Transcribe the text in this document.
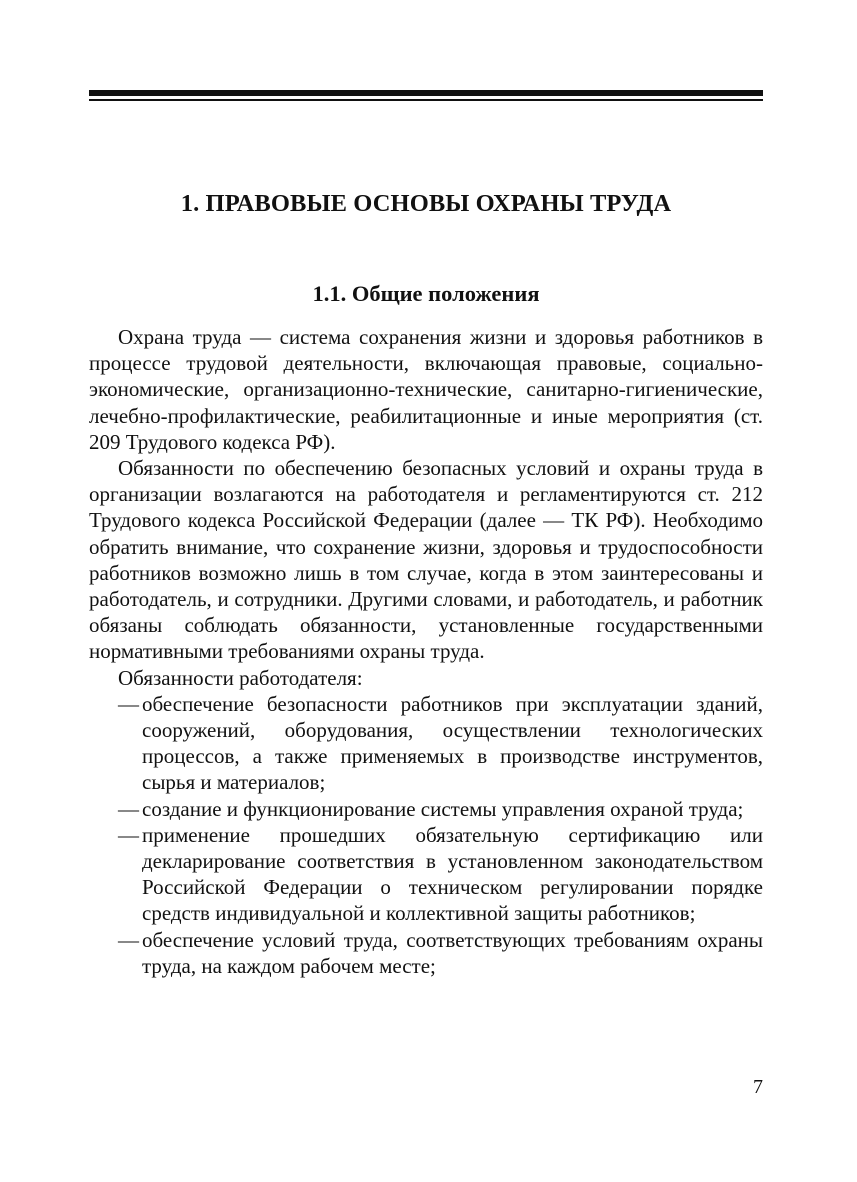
1. ПРАВОВЫЕ ОСНОВЫ ОХРАНЫ ТРУДА
1.1. Общие положения

Охрана труда — система сохранения жизни и здоровья работников в процессе трудовой деятельности, включающая правовые, социально-экономические, организационно-технические, санитарно-гигиенические, лечебно-профилактические, реабилитационные и иные мероприятия (ст. 209 Трудового кодекса РФ).

Обязанности по обеспечению безопасных условий и охраны труда в организации возлагаются на работодателя и регламентируются ст. 212 Трудового кодекса Российской Федерации (далее — ТК РФ). Необходимо обратить внимание, что сохранение жизни, здоровья и трудоспособности работников возможно лишь в том случае, когда в этом заинтересованы и работодатель, и сотрудники. Другими словами, и работодатель, и работник обязаны соблюдать обязанности, установленные государственными нормативными требованиями охраны труда.

Обязанности работодателя:

— обеспечение безопасности работников при эксплуатации зданий, сооружений, оборудования, осуществлении технологических процессов, а также применяемых в производстве инструментов, сырья и материалов;
— создание и функционирование системы управления охраной труда;
— применение прошедших обязательную сертификацию или декларирование соответствия в установленном законодательством Российской Федерации о техническом регулировании порядке средств индивидуальной и коллективной защиты работников;
— обеспечение условий труда, соответствующих требованиям охраны труда, на каждом рабочем месте;
7
